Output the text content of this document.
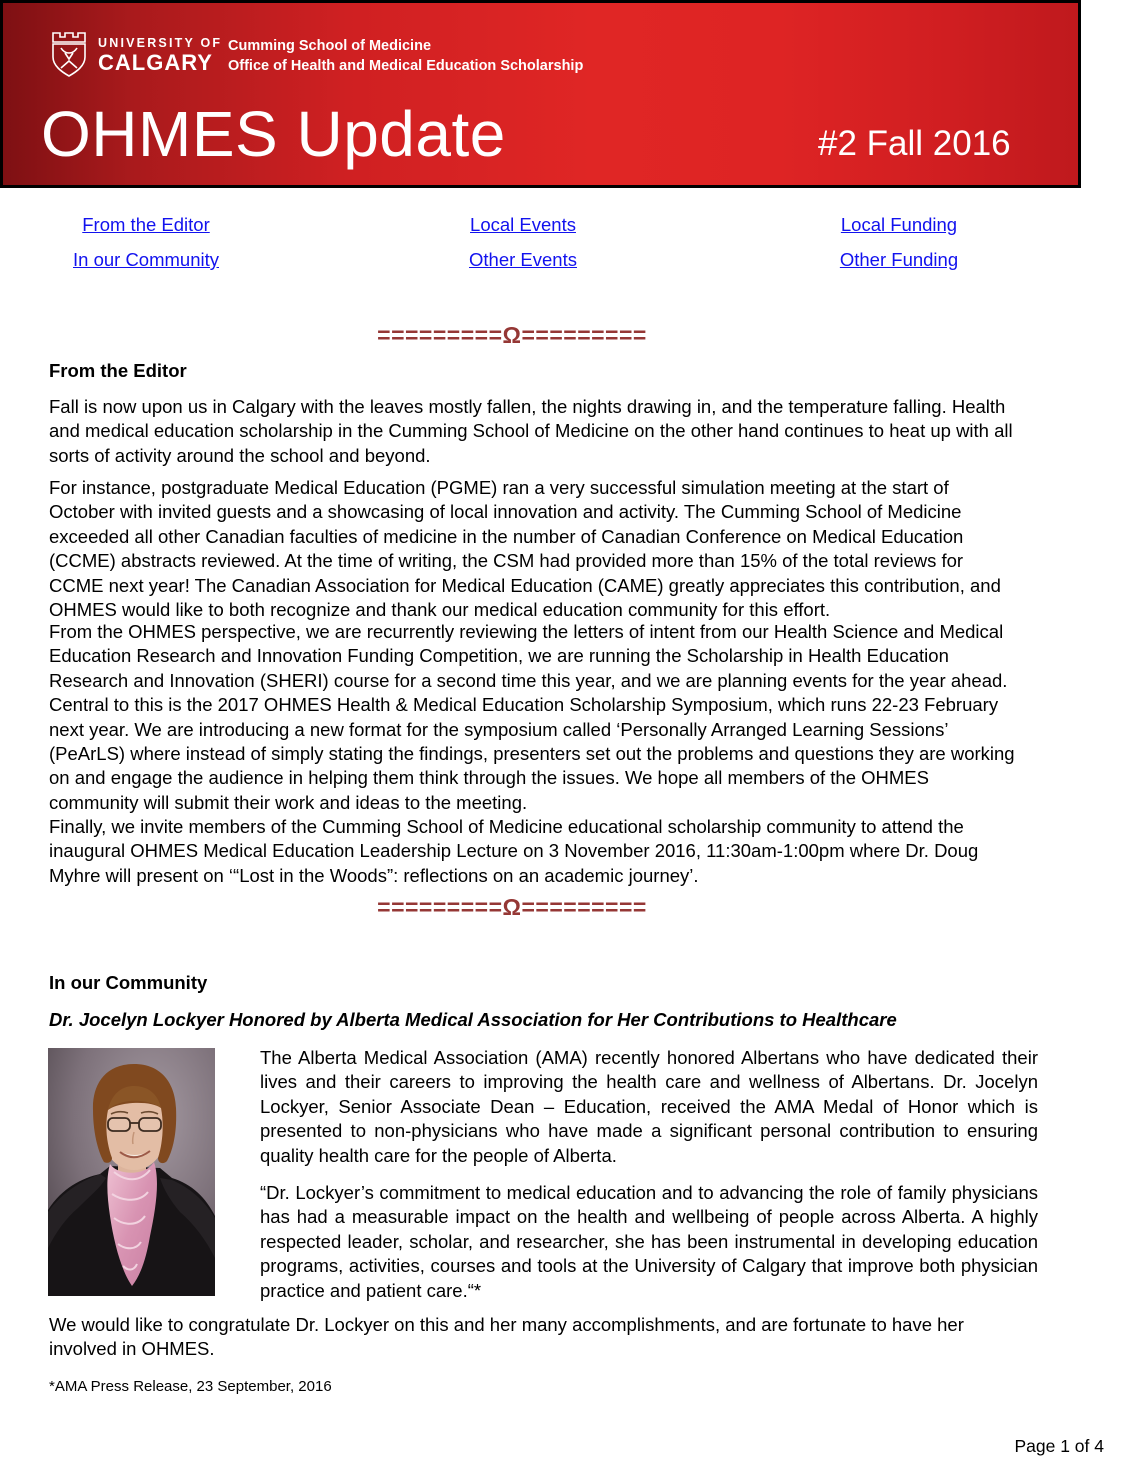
UNIVERSITY OF
CALGARY
Cumming School of Medicine
Office of Health and Medical Education Scholarship
OHMES Update	#2 Fall 2016
From the Editor	Local Events	Local Funding
In our Community	Other Events	Other Funding
=========Ω=========
From the Editor
Fall is now upon us in Calgary with the leaves mostly fallen, the nights drawing in, and the temperature falling. Health and medical education scholarship in the Cumming School of Medicine on the other hand continues to heat up with all sorts of activity around the school and beyond.
For instance, postgraduate Medical Education (PGME) ran a very successful simulation meeting at the start of October with invited guests and a showcasing of local innovation and activity. The Cumming School of Medicine exceeded all other Canadian faculties of medicine in the number of Canadian Conference on Medical Education (CCME) abstracts reviewed. At the time of writing, the CSM had provided more than 15% of the total reviews for CCME next year! The Canadian Association for Medical Education (CAME) greatly appreciates this contribution, and OHMES would like to both recognize and thank our medical education community for this effort.
From the OHMES perspective, we are recurrently reviewing the letters of intent from our Health Science and Medical Education Research and Innovation Funding Competition, we are running the Scholarship in Health Education Research and Innovation (SHERI) course for a second time this year, and we are planning events for the year ahead. Central to this is the 2017 OHMES Health & Medical Education Scholarship Symposium, which runs 22-23 February next year. We are introducing a new format for the symposium called ‘Personally Arranged Learning Sessions’ (PeArLS) where instead of simply stating the findings, presenters set out the problems and questions they are working on and engage the audience in helping them think through the issues. We hope all members of the OHMES community will submit their work and ideas to the meeting.
Finally, we invite members of the Cumming School of Medicine educational scholarship community to attend the inaugural OHMES Medical Education Leadership Lecture on 3 November 2016, 11:30am-1:00pm where Dr. Doug Myhre will present on ‘“Lost in the Woods”: reflections on an academic journey’.
=========Ω=========
In our Community
Dr. Jocelyn Lockyer Honored by Alberta Medical Association for Her Contributions to Healthcare
The Alberta Medical Association (AMA) recently honored Albertans who have dedicated their lives and their careers to improving the health care and wellness of Albertans. Dr. Jocelyn Lockyer, Senior Associate Dean – Education, received the AMA Medal of Honor which is presented to non-physicians who have made a significant personal contribution to ensuring quality health care for the people of Alberta.
“Dr. Lockyer’s commitment to medical education and to advancing the role of family physicians has had a measurable impact on the health and wellbeing of people across Alberta. A highly respected leader, scholar, and researcher, she has been instrumental in developing education programs, activities, courses and tools at the University of Calgary that improve both physician practice and patient care.“*
We would like to congratulate Dr. Lockyer on this and her many accomplishments, and are fortunate to have her involved in OHMES.
*AMA Press Release, 23 September, 2016
Page 1 of 4
